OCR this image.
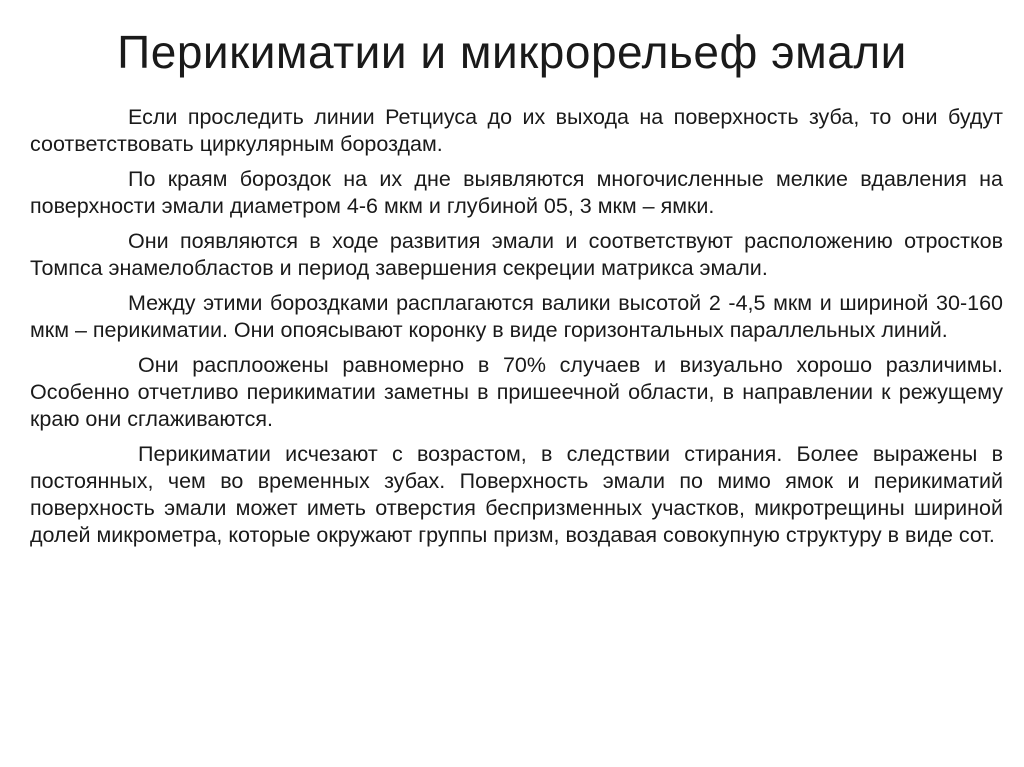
Перикиматии и микрорельеф эмали

Если проследить линии Ретциуса до их выхода на поверхность зуба, то они будут соответствовать циркулярным бороздам.

По краям бороздок на их дне выявляются многочисленные мелкие вдавления на поверхности эмали диаметром 4-6 мкм и глубиной 05, 3 мкм – ямки.

Они появляются в ходе развития эмали и соответствуют расположению отростков Томпса энамелобластов и период завершения секреции матрикса эмали.

Между этими бороздками расплагаются валики высотой 2 -4,5 мкм и шириной 30-160 мкм – перикиматии. Они опоясывают коронку в виде горизонтальных параллельных линий.

Они расплоожены равномерно в 70% случаев и визуально хорошо различимы. Особенно отчетливо перикиматии заметны в пришеечной области, в направлении к режущему краю они сглаживаются.

Перикиматии исчезают с возрастом, в следствии стирания. Более выражены в постоянных, чем во временных зубах. Поверхность эмали по мимо ямок и перикиматий поверхность эмали может иметь отверстия беспризменных участков, микротрещины шириной долей микрометра, которые окружают группы призм, воздавая совокупную структуру в виде сот.
